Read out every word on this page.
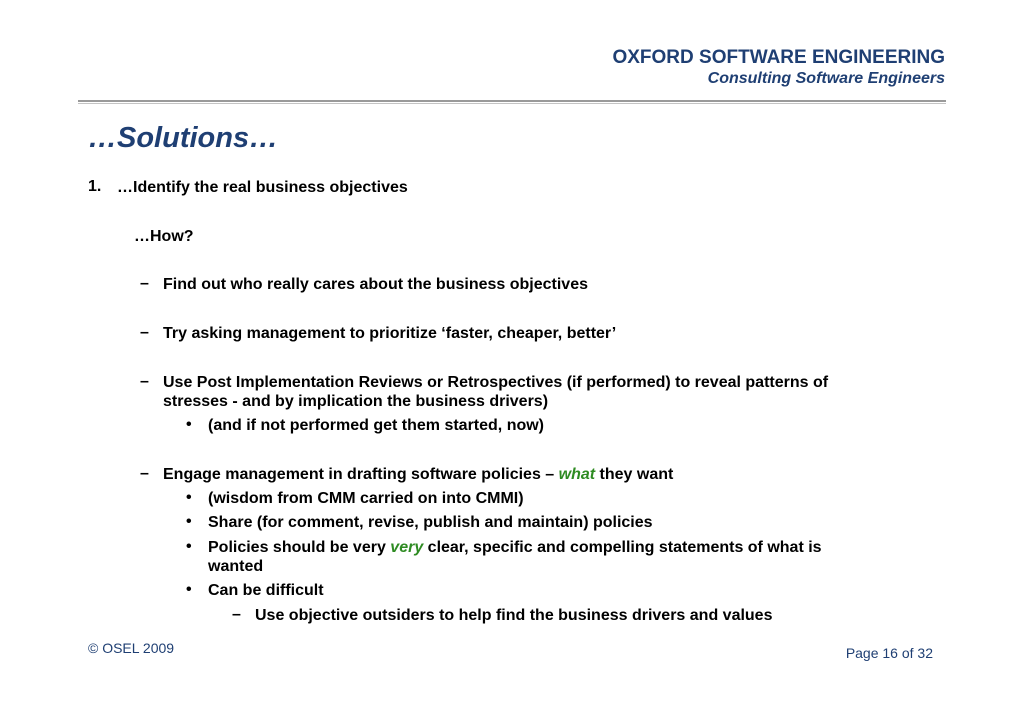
OXFORD SOFTWARE ENGINEERING
Consulting Software Engineers
…Solutions…
1. …Identify the real business objectives
…How?
– Find out who really cares about the business objectives
– Try asking management to prioritize ‘faster, cheaper, better’
– Use Post Implementation Reviews or Retrospectives (if performed) to reveal patterns of
stresses - and by implication the business drivers)
• (and if not performed get them started, now)
– Engage management in drafting software policies – what they want
• (wisdom from CMM carried on into CMMI)
• Share (for comment, revise, publish and maintain) policies
• Policies should be very very clear, specific and compelling statements of what is
wanted
• Can be difficult
– Use objective outsiders to help find the business drivers and values
© OSEL 2009	Page 16 of 32
